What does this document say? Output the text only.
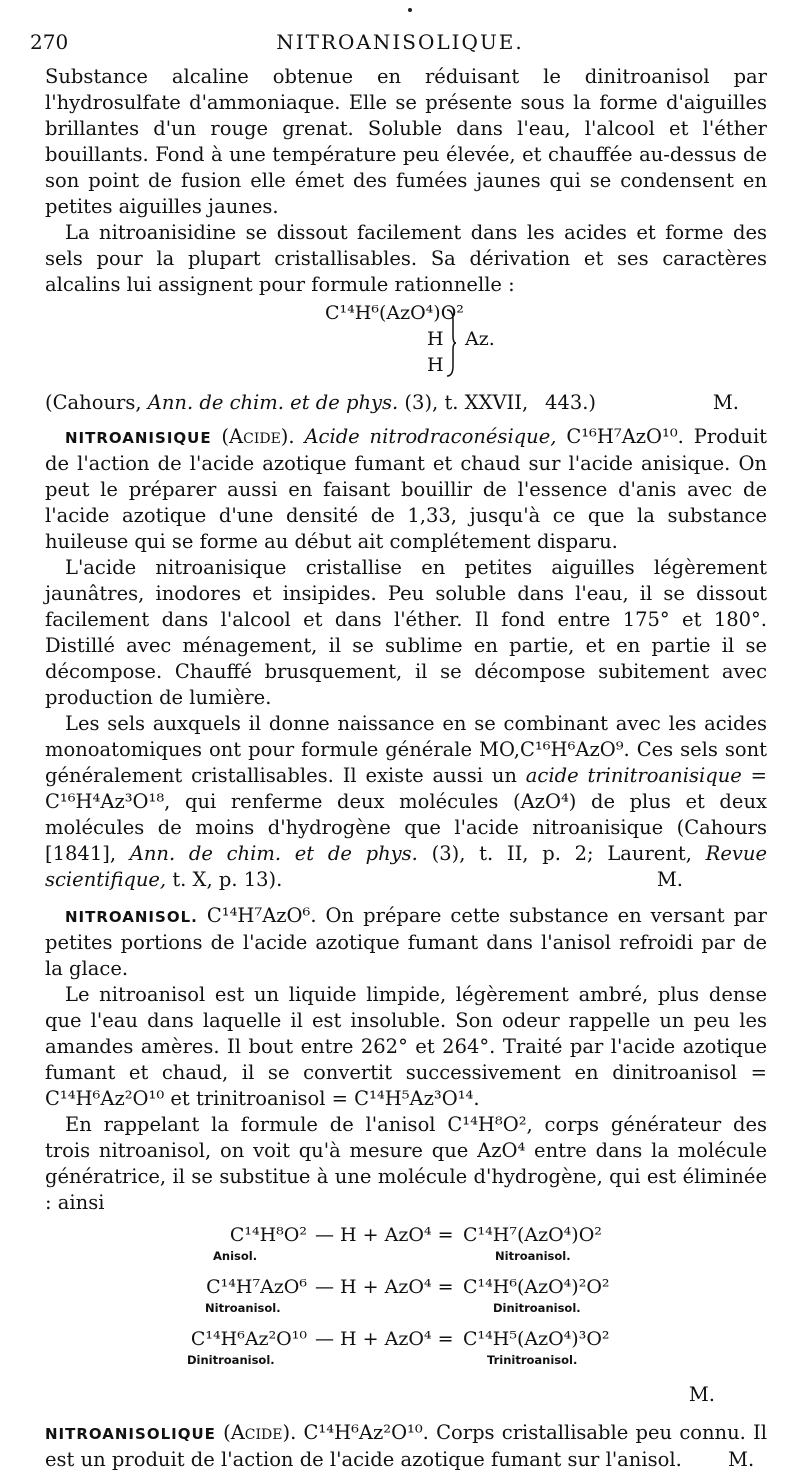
270	NITROANISOLIQUE.

Substance alcaline obtenue en réduisant le dinitroanisol par l'hydrosulfate d'ammoniaque. Elle se présente sous la forme d'aiguilles brillantes d'un rouge grenat. Soluble dans l'eau, l'alcool et l'éther bouillants. Fond à une température peu élevée, et chauffée au-dessus de son point de fusion elle émet des fumées jaunes qui se condensent en petites aiguilles jaunes.

La nitroanisidine se dissout facilement dans les acides et forme des sels pour la plupart cristallisables. Sa dérivation et ses caractères alcalins lui assignent pour formule rationnelle :

C¹⁴H⁶(AzO⁴)O²
H
H
Az.
(Cahours, Ann. de chim. et de phys. (3), t. XXVII, 443.)	M.

NITROANISIQUE (Acide). Acide nitrodraconésique, C¹⁶H⁷AzO¹⁰. Produit de l'action de l'acide azotique fumant et chaud sur l'acide anisique. On peut le préparer aussi en faisant bouillir de l'essence d'anis avec de l'acide azotique d'une densité de 1,33, jusqu'à ce que la substance huileuse qui se forme au début ait complétement disparu.

L'acide nitroanisique cristallise en petites aiguilles légèrement jaunâtres, inodores et insipides. Peu soluble dans l'eau, il se dissout facilement dans l'alcool et dans l'éther. Il fond entre 175° et 180°. Distillé avec ménagement, il se sublime en partie, et en partie il se décompose. Chauffé brusquement, il se décompose subitement avec production de lumière.

Les sels auxquels il donne naissance en se combinant avec les acides monoatomiques ont pour formule générale MO,C¹⁶H⁶AzO⁹. Ces sels sont généralement cristallisables. Il existe aussi un acide trinitroanisique = C¹⁶H⁴Az³O¹⁸, qui renferme deux molécules (AzO⁴) de plus et deux molécules de moins d'hydrogène que l'acide nitroanisique (Cahours [1841], Ann. de chim. et de phys. (3), t. II, p. 2; Laurent, Revue scientifique, t. X, p. 13).	M.

NITROANISOL. C¹⁴H⁷AzO⁶. On prépare cette substance en versant par petites portions de l'acide azotique fumant dans l'anisol refroidi par de la glace.

Le nitroanisol est un liquide limpide, légèrement ambré, plus dense que l'eau dans laquelle il est insoluble. Son odeur rappelle un peu les amandes amères. Il bout entre 262° et 264°. Traité par l'acide azotique fumant et chaud, il se convertit successivement en dinitroanisol = C¹⁴H⁶Az²O¹⁰ et trinitroanisol = C¹⁴H⁵Az³O¹⁴.

En rappelant la formule de l'anisol C¹⁴H⁸O², corps générateur des trois nitroanisol, on voit qu'à mesure que AzO⁴ entre dans la molécule génératrice, il se substitue à une molécule d'hydrogène, qui est éliminée : ainsi

C¹⁴H⁸O² — H + AzO⁴ = C¹⁴H⁷(AzO⁴)O²
Anisol.	Nitroanisol.
C¹⁴H⁷AzO⁶ — H + AzO⁴ = C¹⁴H⁶(AzO⁴)²O²
Nitroanisol.	Dinitroanisol.
C¹⁴H⁶Az²O¹⁰ — H + AzO⁴ = C¹⁴H⁵(AzO⁴)³O²
Dinitroanisol.	Trinitroanisol.
M.

NITROANISOLIQUE (Acide). C¹⁴H⁶Az²O¹⁰. Corps cristallisable peu connu. Il est un produit de l'action de l'acide azotique fumant sur l'anisol. M.
